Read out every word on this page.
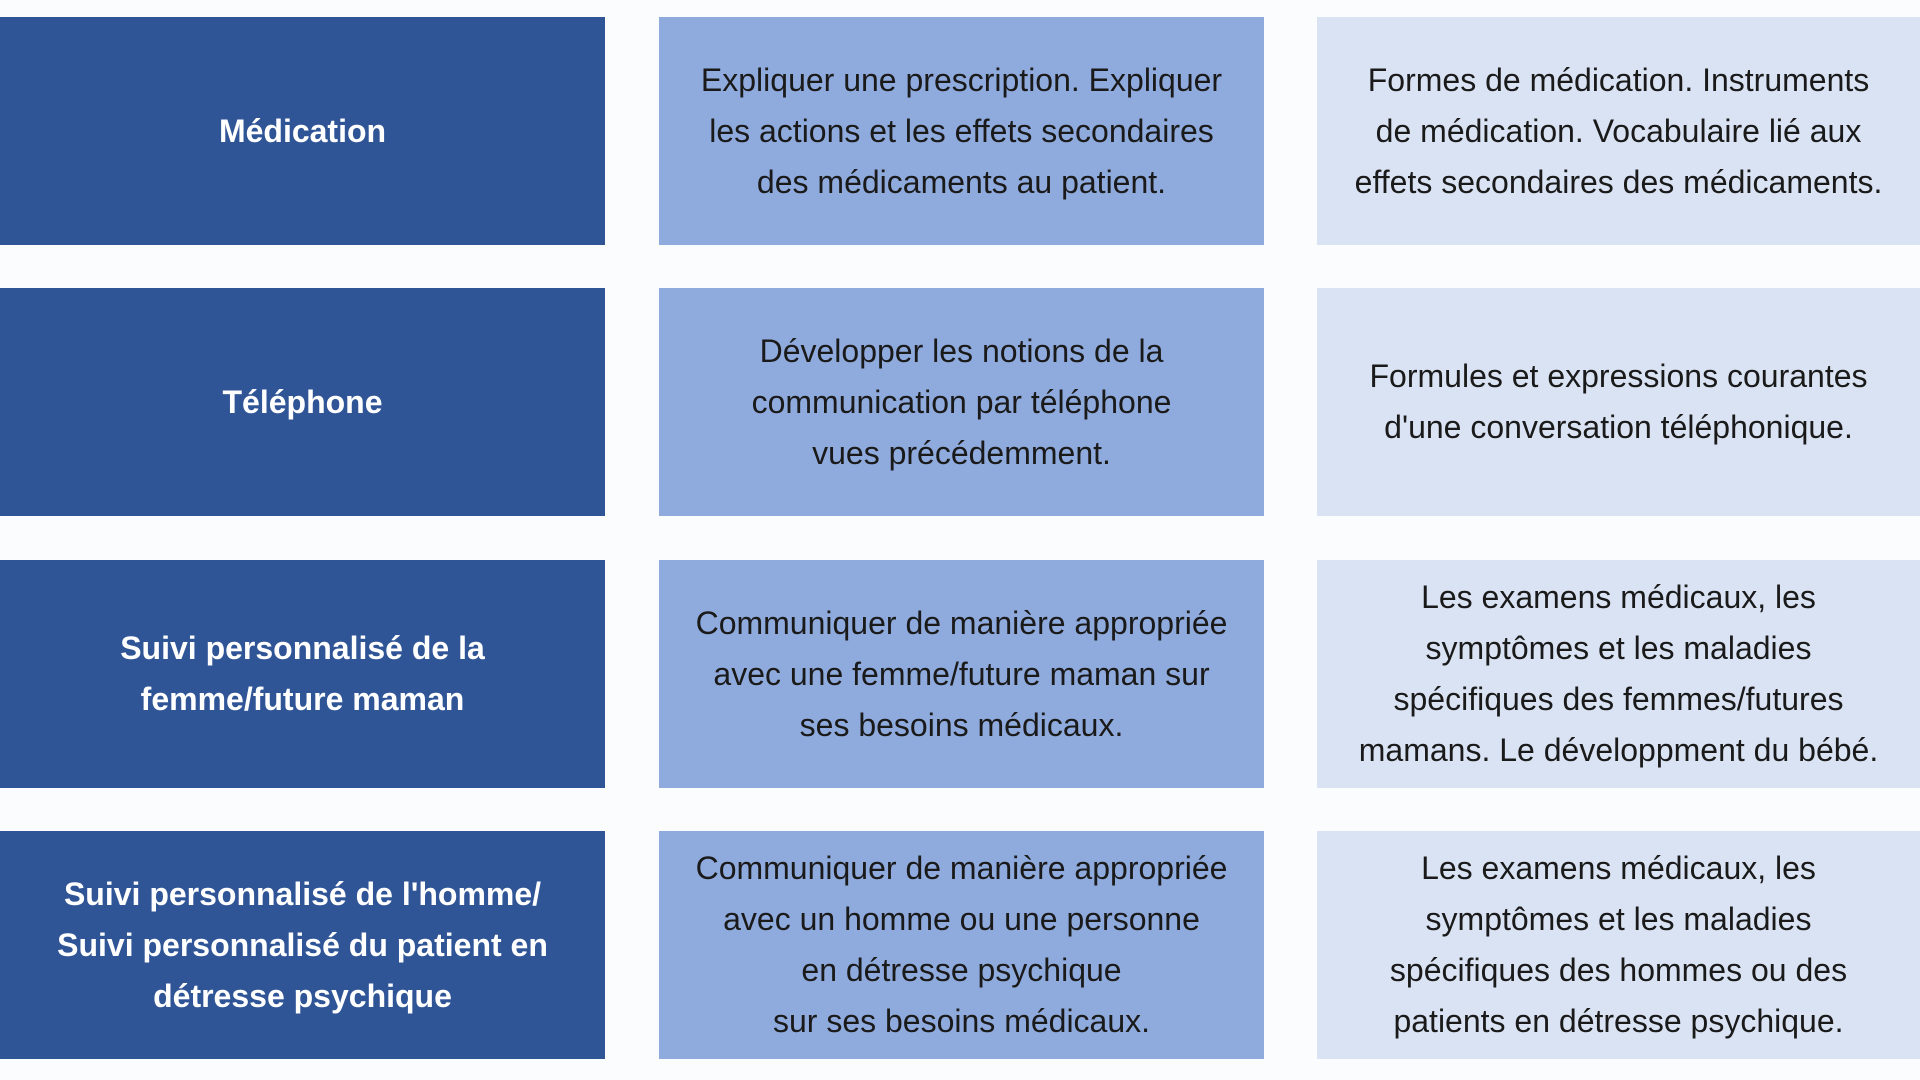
Médication
Expliquer une prescription. Expliquer
les actions et les effets secondaires
des médicaments au patient.
Formes de médication. Instruments
de médication. Vocabulaire lié aux
effets secondaires des médicaments.
Téléphone
Développer les notions de la
communication par téléphone
vues précédemment.
Formules et expressions courantes
d'une conversation téléphonique.
Suivi personnalisé de la
femme/future maman
Communiquer de manière appropriée
avec une femme/future maman sur
ses besoins médicaux.
Les examens médicaux, les
symptômes et les maladies
spécifiques des femmes/futures
mamans. Le développment du bébé.
Suivi personnalisé de l'homme/
Suivi personnalisé du patient en
détresse psychique
Communiquer de manière appropriée
avec un homme ou une personne
en détresse psychique
sur ses besoins médicaux.
Les examens médicaux, les
symptômes et les maladies
spécifiques des hommes ou des
patients en détresse psychique.
